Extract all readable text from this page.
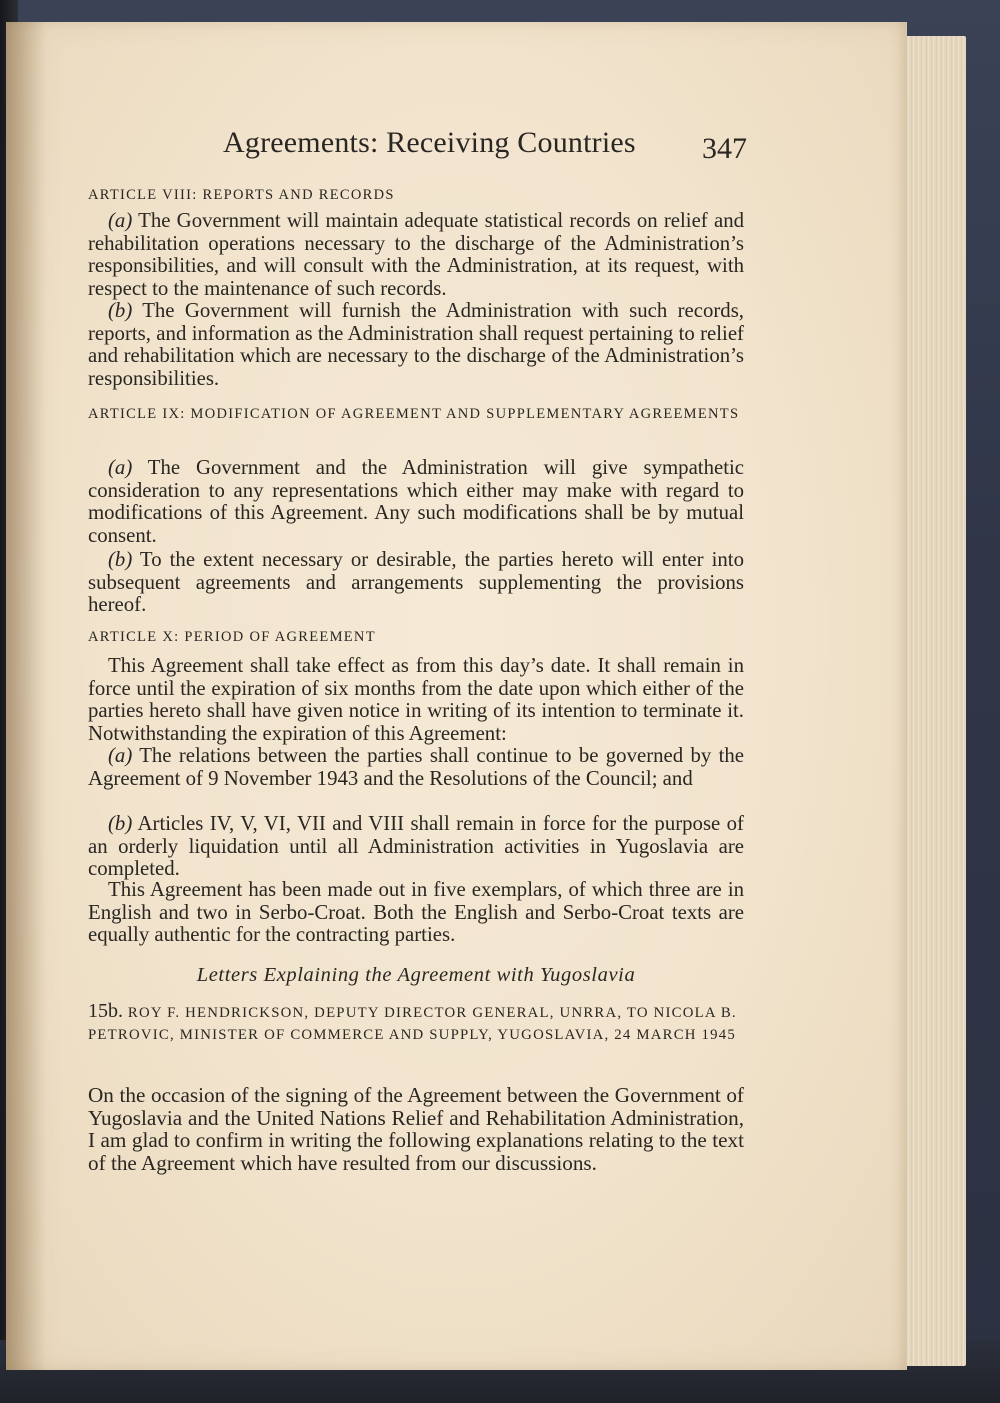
Agreements: Receiving Countries	347
ARTICLE VIII: REPORTS AND RECORDS
(a) The Government will maintain adequate statistical records on relief and rehabilitation operations necessary to the discharge of the Administration’s responsibilities, and will consult with the Administration, at its request, with respect to the maintenance of such records.
(b) The Government will furnish the Administration with such records, reports, and information as the Administration shall request pertaining to relief and rehabilitation which are necessary to the discharge of the Administration’s responsibilities.
ARTICLE IX: MODIFICATION OF AGREEMENT AND SUPPLEMENTARY AGREEMENTS
(a) The Government and the Administration will give sympathetic consideration to any representations which either may make with regard to modifications of this Agreement. Any such modifications shall be by mutual consent.
(b) To the extent necessary or desirable, the parties hereto will enter into subsequent agreements and arrangements supplementing the provisions hereof.
ARTICLE X: PERIOD OF AGREEMENT
This Agreement shall take effect as from this day’s date. It shall remain in force until the expiration of six months from the date upon which either of the parties hereto shall have given notice in writing of its intention to terminate it. Notwithstanding the expiration of this Agreement:
(a) The relations between the parties shall continue to be governed by the Agreement of 9 November 1943 and the Resolutions of the Council; and
(b) Articles IV, V, VI, VII and VIII shall remain in force for the purpose of an orderly liquidation until all Administration activities in Yugoslavia are completed.
This Agreement has been made out in five exemplars, of which three are in English and two in Serbo-Croat. Both the English and Serbo-Croat texts are equally authentic for the contracting parties.
Letters Explaining the Agreement with Yugoslavia
15b. ROY F. HENDRICKSON, DEPUTY DIRECTOR GENERAL, UNRRA, TO NICOLA B. PETROVIC, MINISTER OF COMMERCE AND SUPPLY, YUGOSLAVIA, 24 MARCH 1945
On the occasion of the signing of the Agreement between the Government of Yugoslavia and the United Nations Relief and Rehabilitation Administration, I am glad to confirm in writing the following explanations relating to the text of the Agreement which have resulted from our discussions.
